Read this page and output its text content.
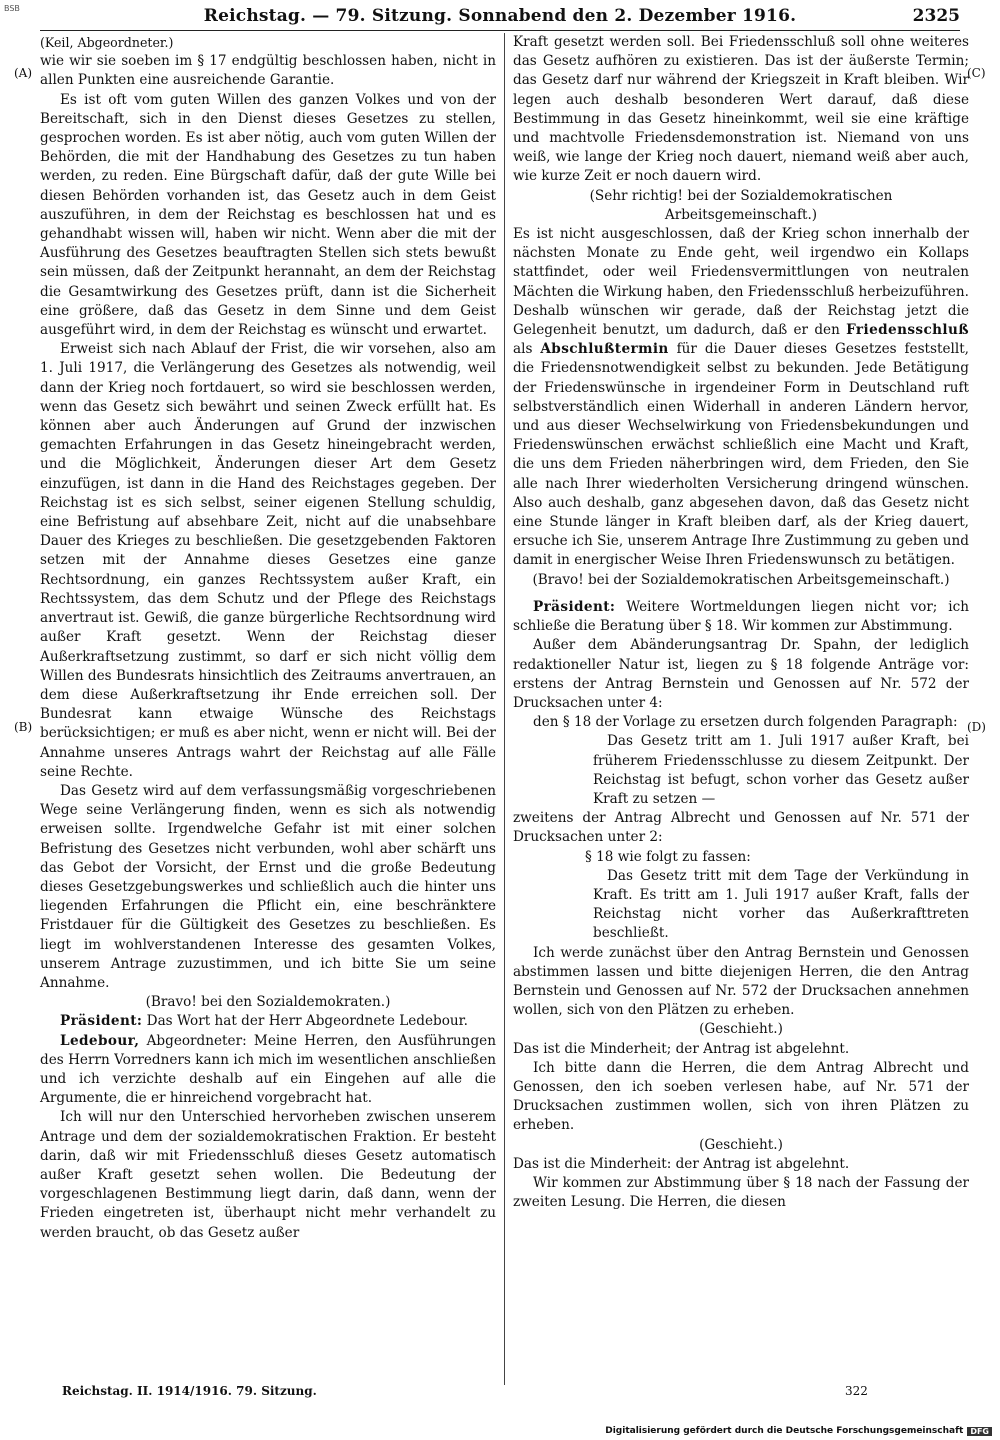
BSB	Reichstag. — 79. Sitzung. Sonnabend den 2. Dezember 1916.	2325
(A)
(B)
(C)
(D)

(Keil, Abgeordneter.)

wie wir sie soeben im § 17 endgültig beschlossen haben, nicht in allen Punkten eine ausreichende Garantie.

Es ist oft vom guten Willen des ganzen Volkes und von der Bereitschaft, sich in den Dienst dieses Gesetzes zu stellen, gesprochen worden. Es ist aber nötig, auch vom guten Willen der Behörden, die mit der Handhabung des Gesetzes zu tun haben werden, zu reden. Eine Bürgschaft dafür, daß der gute Wille bei diesen Behörden vorhanden ist, das Gesetz auch in dem Geist auszuführen, in dem der Reichstag es beschlossen hat und es gehandhabt wissen will, haben wir nicht. Wenn aber die mit der Ausführung des Gesetzes beauftragten Stellen sich stets bewußt sein müssen, daß der Zeitpunkt herannaht, an dem der Reichstag die Gesamtwirkung des Gesetzes prüft, dann ist die Sicherheit eine größere, daß das Gesetz in dem Sinne und dem Geist ausgeführt wird, in dem der Reichstag es wünscht und erwartet.

Erweist sich nach Ablauf der Frist, die wir vorsehen, also am 1. Juli 1917, die Verlängerung des Gesetzes als notwendig, weil dann der Krieg noch fortdauert, so wird sie beschlossen werden, wenn das Gesetz sich bewährt und seinen Zweck erfüllt hat. Es können aber auch Änderungen auf Grund der inzwischen gemachten Erfahrungen in das Gesetz hineingebracht werden, und die Möglichkeit, Änderungen dieser Art dem Gesetz einzufügen, ist dann in die Hand des Reichstages gegeben. Der Reichstag ist es sich selbst, seiner eigenen Stellung schuldig, eine Befristung auf absehbare Zeit, nicht auf die unabsehbare Dauer des Krieges zu beschließen. Die gesetzgebenden Faktoren setzen mit der Annahme dieses Gesetzes eine ganze Rechtsordnung, ein ganzes Rechtssystem außer Kraft, ein Rechtssystem, das dem Schutz und der Pflege des Reichstags anvertraut ist. Gewiß, die ganze bürgerliche Rechtsordnung wird außer Kraft gesetzt. Wenn der Reichstag dieser Außerkraftsetzung zustimmt, so darf er sich nicht völlig dem Willen des Bundesrats hinsichtlich des Zeitraums anvertrauen, an dem diese Außerkraftsetzung ihr Ende erreichen soll. Der Bundesrat kann etwaige Wünsche des Reichstags berücksichtigen; er muß es aber nicht, wenn er nicht will. Bei der Annahme unseres Antrags wahrt der Reichstag auf alle Fälle seine Rechte.

Das Gesetz wird auf dem verfassungsmäßig vorgeschriebenen Wege seine Verlängerung finden, wenn es sich als notwendig erweisen sollte. Irgendwelche Gefahr ist mit einer solchen Befristung des Gesetzes nicht verbunden, wohl aber schärft uns das Gebot der Vorsicht, der Ernst und die große Bedeutung dieses Gesetzgebungswerkes und schließlich auch die hinter uns liegenden Erfahrungen die Pflicht ein, eine beschränktere Fristdauer für die Gültigkeit des Gesetzes zu beschließen. Es liegt im wohlverstandenen Interesse des gesamten Volkes, unserem Antrage zuzustimmen, und ich bitte Sie um seine Annahme.

(Bravo! bei den Sozialdemokraten.)

Präsident: Das Wort hat der Herr Abgeordnete Ledebour.

Ledebour, Abgeordneter: Meine Herren, den Ausführungen des Herrn Vorredners kann ich mich im wesentlichen anschließen und ich verzichte deshalb auf ein Eingehen auf alle die Argumente, die er hinreichend vorgebracht hat.

Ich will nur den Unterschied hervorheben zwischen unserem Antrage und dem der sozialdemokratischen Fraktion. Er besteht darin, daß wir mit Friedensschluß dieses Gesetz automatisch außer Kraft gesetzt sehen wollen. Die Bedeutung der vorgeschlagenen Bestimmung liegt darin, daß dann, wenn der Frieden eingetreten ist, überhaupt nicht mehr verhandelt zu werden braucht, ob das Gesetz außer

Kraft gesetzt werden soll. Bei Friedensschluß soll ohne weiteres das Gesetz aufhören zu existieren. Das ist der äußerste Termin; das Gesetz darf nur während der Kriegszeit in Kraft bleiben. Wir legen auch deshalb besonderen Wert darauf, daß diese Bestimmung in das Gesetz hineinkommt, weil sie eine kräftige und machtvolle Friedensdemonstration ist. Niemand von uns weiß, wie lange der Krieg noch dauert, niemand weiß aber auch, wie kurze Zeit er noch dauern wird.

(Sehr richtig! bei der Sozialdemokratischen Arbeitsgemeinschaft.)

Es ist nicht ausgeschlossen, daß der Krieg schon innerhalb der nächsten Monate zu Ende geht, weil irgendwo ein Kollaps stattfindet, oder weil Friedensvermittlungen von neutralen Mächten die Wirkung haben, den Friedensschluß herbeizuführen. Deshalb wünschen wir gerade, daß der Reichstag jetzt die Gelegenheit benutzt, um dadurch, daß er den Friedensschluß als Abschlußtermin für die Dauer dieses Gesetzes feststellt, die Friedensnotwendigkeit selbst zu bekunden. Jede Betätigung der Friedenswünsche in irgendeiner Form in Deutschland ruft selbstverständlich einen Widerhall in anderen Ländern hervor, und aus dieser Wechselwirkung von Friedensbekundungen und Friedenswünschen erwächst schließlich eine Macht und Kraft, die uns dem Frieden näherbringen wird, dem Frieden, den Sie alle nach Ihrer wiederholten Versicherung dringend wünschen. Also auch deshalb, ganz abgesehen davon, daß das Gesetz nicht eine Stunde länger in Kraft bleiben darf, als der Krieg dauert, ersuche ich Sie, unserem Antrage Ihre Zustimmung zu geben und damit in energischer Weise Ihren Friedenswunsch zu betätigen.

(Bravo! bei der Sozialdemokratischen Arbeitsgemeinschaft.)

Präsident: Weitere Wortmeldungen liegen nicht vor; ich schließe die Beratung über § 18. Wir kommen zur Abstimmung.

Außer dem Abänderungsantrag Dr. Spahn, der lediglich redaktioneller Natur ist, liegen zu § 18 folgende Anträge vor: erstens der Antrag Bernstein und Genossen auf Nr. 572 der Drucksachen unter 4:

den § 18 der Vorlage zu ersetzen durch folgenden Paragraph:

Das Gesetz tritt am 1. Juli 1917 außer Kraft, bei früherem Friedensschlusse zu diesem Zeitpunkt. Der Reichstag ist befugt, schon vorher das Gesetz außer Kraft zu setzen —

zweitens der Antrag Albrecht und Genossen auf Nr. 571 der Drucksachen unter 2:

§ 18 wie folgt zu fassen:

Das Gesetz tritt mit dem Tage der Verkündung in Kraft. Es tritt am 1. Juli 1917 außer Kraft, falls der Reichstag nicht vorher das Außerkrafttreten beschließt.

Ich werde zunächst über den Antrag Bernstein und Genossen abstimmen lassen und bitte diejenigen Herren, die den Antrag Bernstein und Genossen auf Nr. 572 der Drucksachen annehmen wollen, sich von den Plätzen zu erheben.

(Geschieht.)

Das ist die Minderheit; der Antrag ist abgelehnt.

Ich bitte dann die Herren, die dem Antrag Albrecht und Genossen, den ich soeben verlesen habe, auf Nr. 571 der Drucksachen zustimmen wollen, sich von ihren Plätzen zu erheben.

(Geschieht.)

Das ist die Minderheit: der Antrag ist abgelehnt.

Wir kommen zur Abstimmung über § 18 nach der Fassung der zweiten Lesung. Die Herren, die diesen

Reichstag. II. 1914/1916. 79. Sitzung.	322
Digitalisierung gefördert durch die Deutsche Forschungsgemeinschaft DFG
